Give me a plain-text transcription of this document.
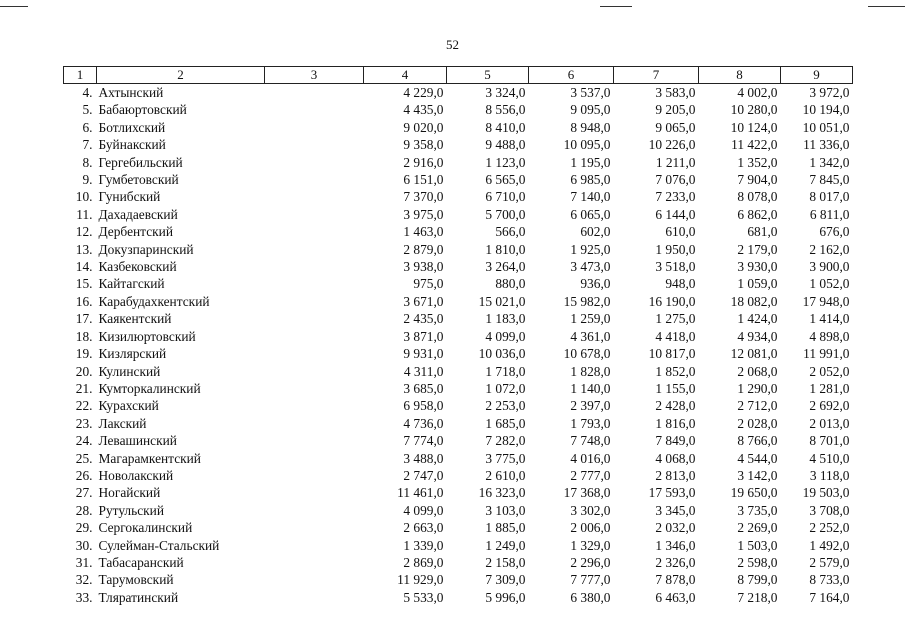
52
1	2	3	4	5	6	7	8	9
4.	Ахтынский		4 229,0	3 324,0	3 537,0	3 583,0	4 002,0	3 972,0
5.	Бабаюртовский		4 435,0	8 556,0	9 095,0	9 205,0	10 280,0	10 194,0
6.	Ботлихский		9 020,0	8 410,0	8 948,0	9 065,0	10 124,0	10 051,0
7.	Буйнакский		9 358,0	9 488,0	10 095,0	10 226,0	11 422,0	11 336,0
8.	Гергебильский		2 916,0	1 123,0	1 195,0	1 211,0	1 352,0	1 342,0
9.	Гумбетовский		6 151,0	6 565,0	6 985,0	7 076,0	7 904,0	7 845,0
10.	Гунибский		7 370,0	6 710,0	7 140,0	7 233,0	8 078,0	8 017,0
11.	Дахадаевский		3 975,0	5 700,0	6 065,0	6 144,0	6 862,0	6 811,0
12.	Дербентский		1 463,0	566,0	602,0	610,0	681,0	676,0
13.	Докузпаринский		2 879,0	1 810,0	1 925,0	1 950,0	2 179,0	2 162,0
14.	Казбековский		3 938,0	3 264,0	3 473,0	3 518,0	3 930,0	3 900,0
15.	Кайтагский		975,0	880,0	936,0	948,0	1 059,0	1 052,0
16.	Карабудахкентский		3 671,0	15 021,0	15 982,0	16 190,0	18 082,0	17 948,0
17.	Каякентский		2 435,0	1 183,0	1 259,0	1 275,0	1 424,0	1 414,0
18.	Кизилюртовский		3 871,0	4 099,0	4 361,0	4 418,0	4 934,0	4 898,0
19.	Кизлярский		9 931,0	10 036,0	10 678,0	10 817,0	12 081,0	11 991,0
20.	Кулинский		4 311,0	1 718,0	1 828,0	1 852,0	2 068,0	2 052,0
21.	Кумторкалинский		3 685,0	1 072,0	1 140,0	1 155,0	1 290,0	1 281,0
22.	Курахский		6 958,0	2 253,0	2 397,0	2 428,0	2 712,0	2 692,0
23.	Лакский		4 736,0	1 685,0	1 793,0	1 816,0	2 028,0	2 013,0
24.	Левашинский		7 774,0	7 282,0	7 748,0	7 849,0	8 766,0	8 701,0
25.	Магарамкентский		3 488,0	3 775,0	4 016,0	4 068,0	4 544,0	4 510,0
26.	Новолакский		2 747,0	2 610,0	2 777,0	2 813,0	3 142,0	3 118,0
27.	Ногайский		11 461,0	16 323,0	17 368,0	17 593,0	19 650,0	19 503,0
28.	Рутульский		4 099,0	3 103,0	3 302,0	3 345,0	3 735,0	3 708,0
29.	Сергокалинский		2 663,0	1 885,0	2 006,0	2 032,0	2 269,0	2 252,0
30.	Сулейман-Стальский		1 339,0	1 249,0	1 329,0	1 346,0	1 503,0	1 492,0
31.	Табасаранский		2 869,0	2 158,0	2 296,0	2 326,0	2 598,0	2 579,0
32.	Тарумовский		11 929,0	7 309,0	7 777,0	7 878,0	8 799,0	8 733,0
33.	Тляратинский		5 533,0	5 996,0	6 380,0	6 463,0	7 218,0	7 164,0
